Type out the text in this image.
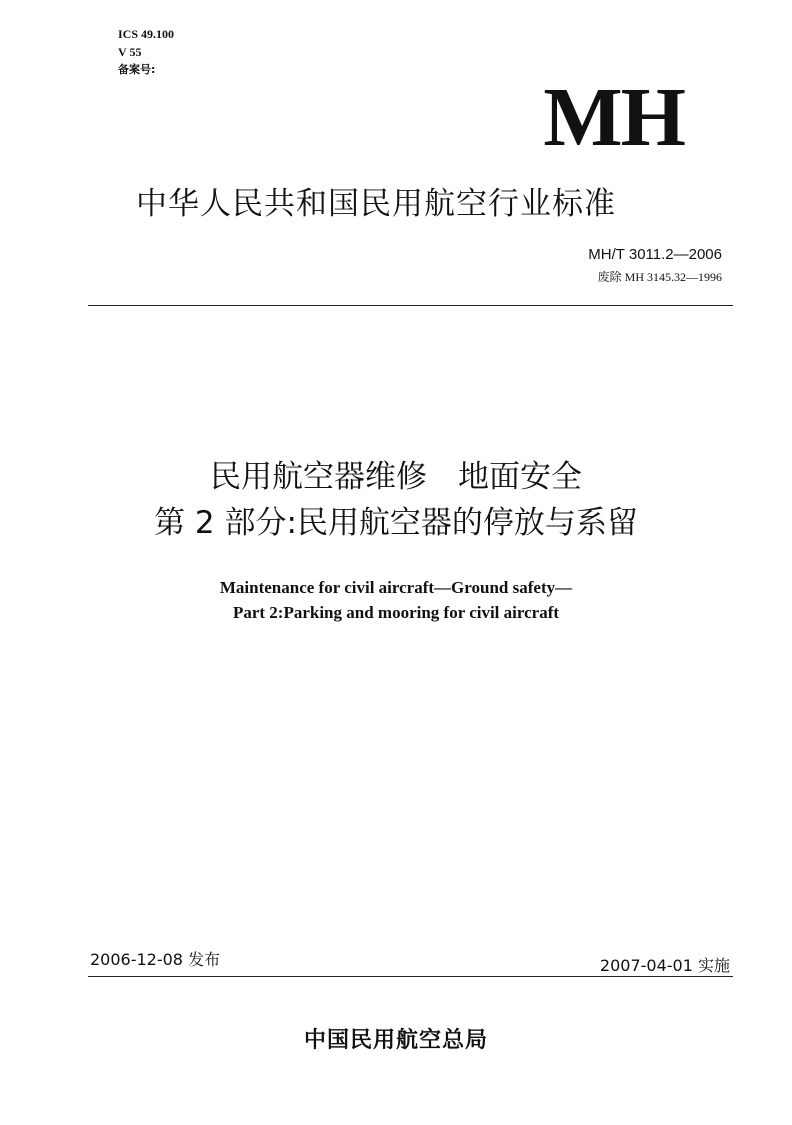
ICS 49.100
V 55
备案号:
MH
中华人民共和国民用航空行业标准
MH/T 3011.2—2006
废除 MH 3145.32—1996
民用航空器维修　地面安全
第 2 部分:民用航空器的停放与系留
Maintenance for civil aircraft—Ground safety—
Part 2:Parking and mooring for civil aircraft
2006-12-08 发布	2007-04-01 实施
中国民用航空总局
